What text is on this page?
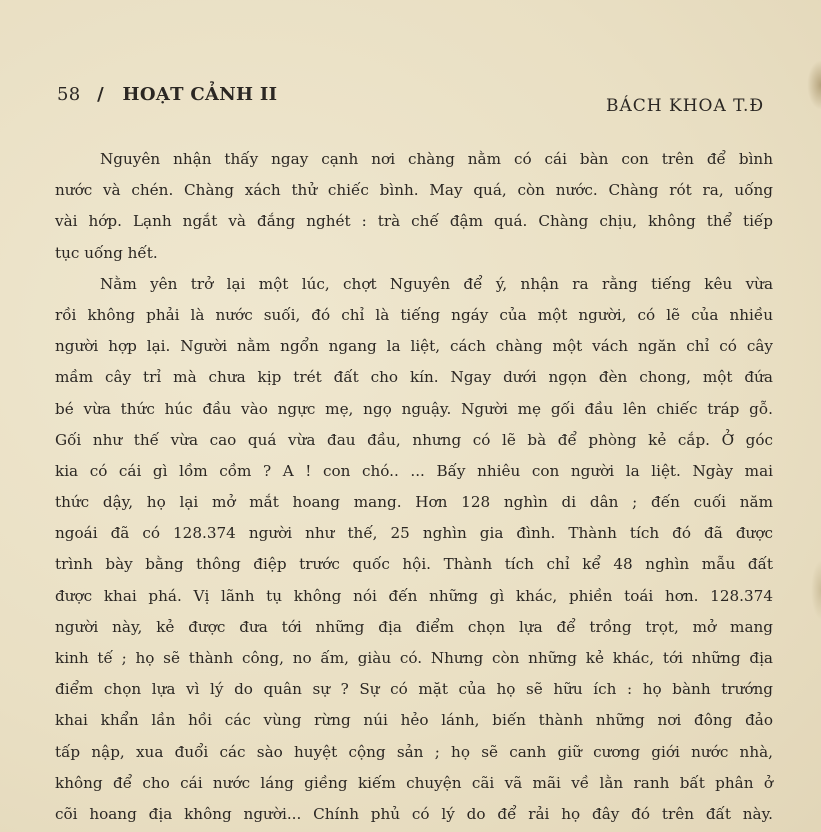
58 / HOẠT CẢNH II
BÁCH KHOA T.Đ
Nguyên nhận thấy ngay cạnh nơi chàng nằm có cái bàn con trên để bình
nước và chén. Chàng xách thử chiếc bình. May quá, còn nước. Chàng rót ra, uống
vài hớp. Lạnh ngắt và đắng nghét : trà chế đậm quá. Chàng chịu, không thể tiếp
tục uống hết.
Nằm yên trở lại một lúc, chợt Nguyên để ý, nhận ra rằng tiếng kêu vừa
rồi không phải là nước suối, đó chỉ là tiếng ngáy của một người, có lẽ của nhiều
người hợp lại. Người nằm ngổn ngang la liệt, cách chàng một vách ngăn chỉ có cây
mầm cây trỉ mà chưa kịp trét đất cho kín. Ngay dưới ngọn đèn chong, một đứa
bé vừa thức húc đầu vào ngực mẹ, ngọ nguậy. Người mẹ gối đầu lên chiếc tráp gỗ.
Gối như thế vừa cao quá vừa đau đầu, nhưng có lẽ bà để phòng kẻ cắp. Ở góc
kia có cái gì lồm cồm ? A ! con chó.. ... Bấy nhiêu con người la liệt. Ngày mai
thức dậy, họ lại mở mắt hoang mang. Hơn 128 nghìn di dân ; đến cuối năm
ngoái đã có 128.374 người như thế, 25 nghìn gia đình. Thành tích đó đã được
trình bày bằng thông điệp trước quốc hội. Thành tích chỉ kể 48 nghìn mẫu đất
được khai phá. Vị lãnh tụ không nói đến những gì khác, phiền toái hơn. 128.374
người này, kẻ được đưa tới những địa điểm chọn lựa để trồng trọt, mở mang
kinh tế ; họ sẽ thành công, no ấm, giàu có. Nhưng còn những kẻ khác, tới những địa
điểm chọn lựa vì lý do quân sự ? Sự có mặt của họ sẽ hữu ích : họ bành trướng
khai khẩn lần hồi các vùng rừng núi hẻo lánh, biến thành những nơi đông đảo
tấp nập, xua đuổi các sào huyệt cộng sản ; họ sẽ canh giữ cương giới nước nhà,
không để cho cái nước láng giềng kiếm chuyện cãi vã mãi về lằn ranh bất phân ở
cõi hoang địa không người... Chính phủ có lý do để rải họ đây đó trên đất này.
